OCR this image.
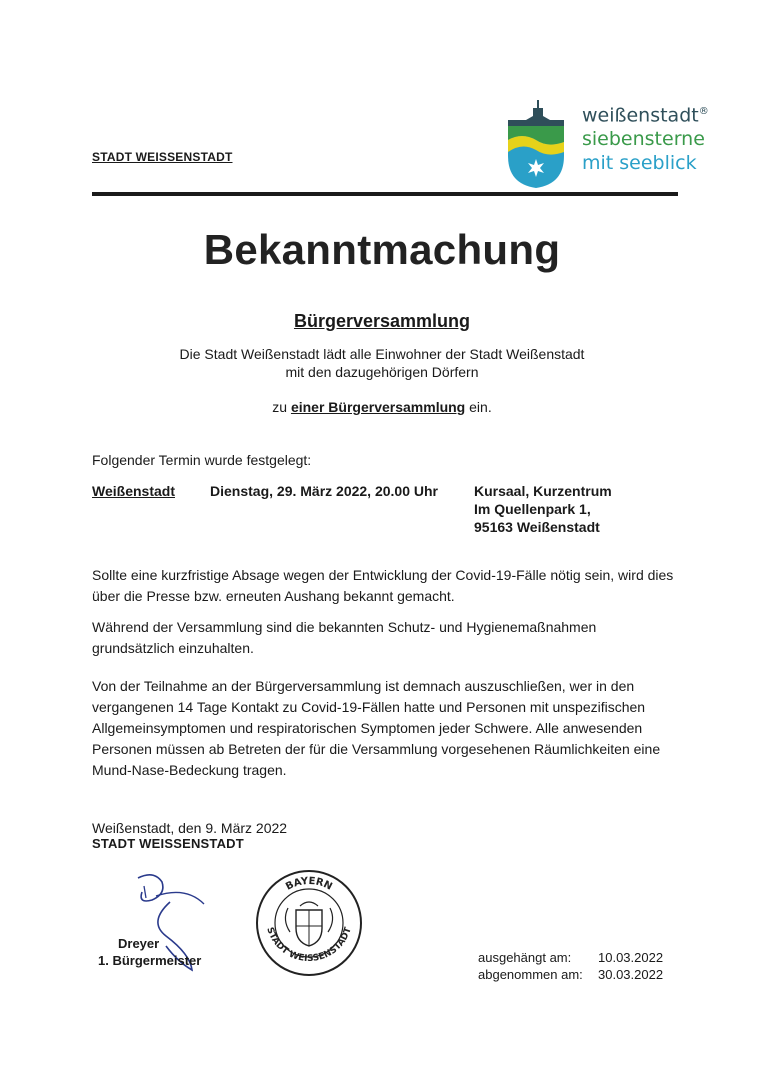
STADT WEISSENSTADT
weißenstadt®
siebensterne
mit seeblick
Bekanntmachung
Bürgerversammlung
Die Stadt Weißenstadt lädt alle Einwohner der Stadt Weißenstadt
mit den dazugehörigen Dörfern
zu einer Bürgerversammlung ein.
Folgender Termin wurde festgelegt:
Weißenstadt	Dienstag, 29. März 2022, 20.00 Uhr	Kursaal, Kurzentrum
Im Quellenpark 1,
95163 Weißenstadt
Sollte eine kurzfristige Absage wegen der Entwicklung der Covid-19-Fälle nötig sein, wird dies über die Presse bzw. erneuten Aushang bekannt gemacht.
Während der Versammlung sind die bekannten Schutz- und Hygienemaßnahmen grundsätzlich einzuhalten.
Von der Teilnahme an der Bürgerversammlung ist demnach auszuschließen, wer in den vergangenen 14 Tage Kontakt zu Covid-19-Fällen hatte und Personen mit unspezifischen Allgemeinsymptomen und respiratorischen Symptomen jeder Schwere. Alle anwesenden Personen müssen ab Betreten der für die Versammlung vorgesehenen Räumlichkeiten eine Mund-Nase-Bedeckung tragen.
Weißenstadt, den 9. März 2022
STADT WEISSENSTADT
Dreyer
1. Bürgermeister
BAYERN
STADT WEISSENSTADT
ausgehängt am: 10.03.2022
abgenommen am: 30.03.2022
